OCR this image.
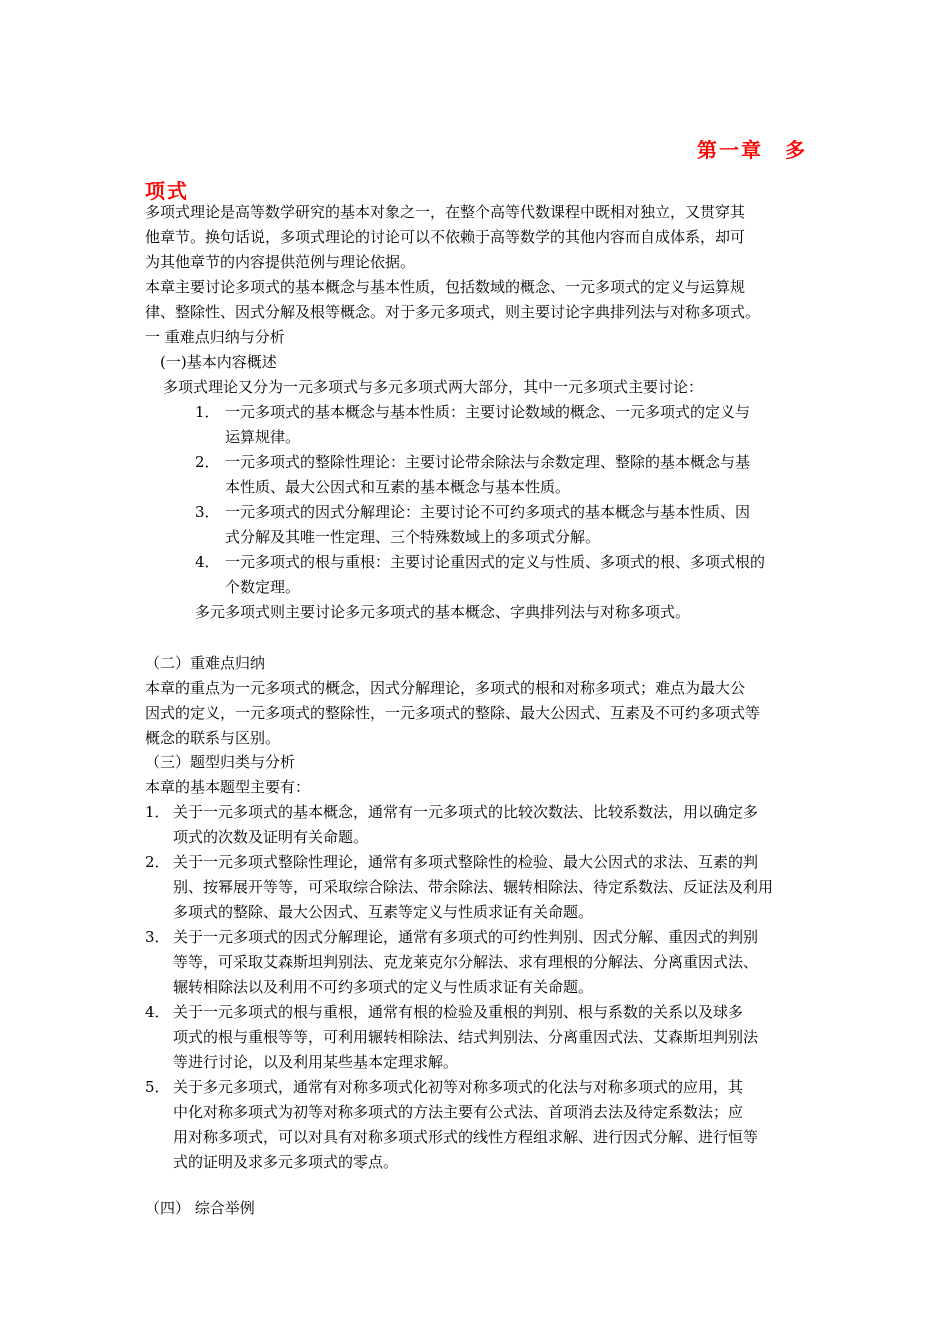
第一章　多
项式
多项式理论是高等数学研究的基本对象之一，在整个高等代数课程中既相对独立，又贯穿其
他章节。换句话说，多项式理论的讨论可以不依赖于高等数学的其他内容而自成体系，却可
为其他章节的内容提供范例与理论依据。
本章主要讨论多项式的基本概念与基本性质，包括数域的概念、一元多项式的定义与运算规
律、整除性、因式分解及根等概念。对于多元多项式，则主要讨论字典排列法与对称多项式。
一 重难点归纳与分析
(一)基本内容概述
多项式理论又分为一元多项式与多元多项式两大部分，其中一元多项式主要讨论：
1． 一元多项式的基本概念与基本性质：主要讨论数域的概念、一元多项式的定义与
运算规律。
2． 一元多项式的整除性理论：主要讨论带余除法与余数定理、整除的基本概念与基
本性质、最大公因式和互素的基本概念与基本性质。
3． 一元多项式的因式分解理论：主要讨论不可约多项式的基本概念与基本性质、因
式分解及其唯一性定理、三个特殊数域上的多项式分解。
4． 一元多项式的根与重根：主要讨论重因式的定义与性质、多项式的根、多项式根的
个数定理。
多元多项式则主要讨论多元多项式的基本概念、字典排列法与对称多项式。
（二）重难点归纳
本章的重点为一元多项式的概念，因式分解理论，多项式的根和对称多项式；难点为最大公
因式的定义，一元多项式的整除性，一元多项式的整除、最大公因式、互素及不可约多项式等
概念的联系与区别。
（三）题型归类与分析
本章的基本题型主要有：
1． 关于一元多项式的基本概念，通常有一元多项式的比较次数法、比较系数法，用以确定多
项式的次数及证明有关命题。
2． 关于一元多项式整除性理论，通常有多项式整除性的检验、最大公因式的求法、互素的判
别、按幂展开等等，可采取综合除法、带余除法、辗转相除法、待定系数法、反证法及利用
多项式的整除、最大公因式、互素等定义与性质求证有关命题。
3． 关于一元多项式的因式分解理论，通常有多项式的可约性判别、因式分解、重因式的判别
等等，可采取艾森斯坦判别法、克龙莱克尔分解法、求有理根的分解法、分离重因式法、
辗转相除法以及利用不可约多项式的定义与性质求证有关命题。
4． 关于一元多项式的根与重根，通常有根的检验及重根的判别、根与系数的关系以及球多
项式的根与重根等等，可利用辗转相除法、结式判别法、分离重因式法、艾森斯坦判别法
等进行讨论，以及利用某些基本定理求解。
5． 关于多元多项式，通常有对称多项式化初等对称多项式的化法与对称多项式的应用，其
中化对称多项式为初等对称多项式的方法主要有公式法、首项消去法及待定系数法；应
用对称多项式，可以对具有对称多项式形式的线性方程组求解、进行因式分解、进行恒等
式的证明及求多元多项式的零点。
（四） 综合举例
